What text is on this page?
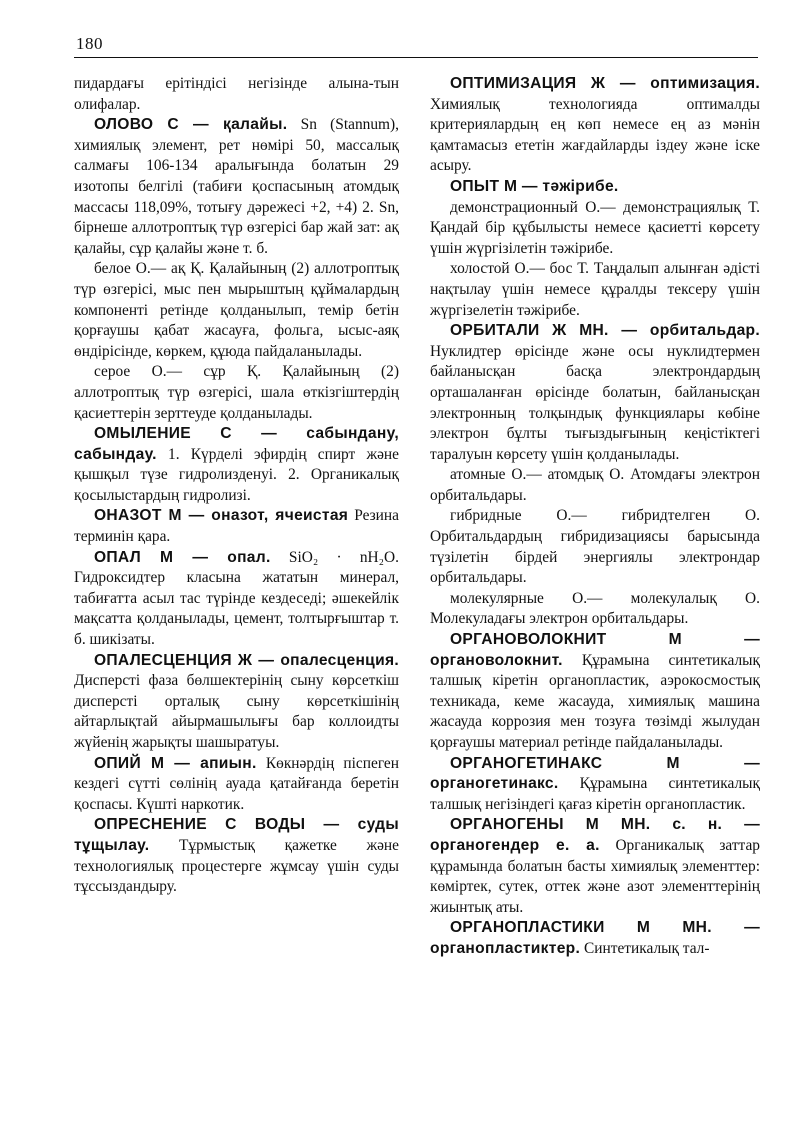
180

пидардағы ерітіндісі негізінде алына-тын олифалар.

ОЛОВО С — қалайы. Sn (Stannum), химиялық элемент, рет нөмірі 50, массалық салмағы 106-134 аралығында болатын 29 изотопы белгілі (табиғи қоспасының атомдық массасы 118,09%, тотығу дәрежесі +2, +4) 2. Sn, бірнеше аллотроптық түр өзгерісі бар жай зат: ақ қалайы, сұр қалайы және т. б.

белое О.— ақ Қ. Қалайының (2) аллотроптық түр өзгерісі, мыс пен мырыштың құймалардың компоненті ретінде қолданылып, темір бетін қорғаушы қабат жасауға, фольга, ысыс-аяқ өндірісінде, көркем, құюда пайдаланылады.

серое О.— сұр Қ. Қалайының (2) аллотроптық түр өзгерісі, шала өткізгіштердің қасиеттерін зерттеуде қолданылады.

ОМЫЛЕНИЕ С — сабындану, сабындау. 1. Күрделі эфирдің спирт және қышқыл түзе гидролизденуі. 2. Органикалық қосылыстардың гидролизі.

ОНАЗОТ М — оназот, ячеистая Резина терминін қара.

ОПАЛ М — опал. SiO₂ · nH₂O. Гидроксидтер класына жататын минерал, табиғатта асыл тас түрінде кездеседі; әшекейлік мақсатта қолданылады, цемент, толтырғыштар т. б. шикізаты.

ОПАЛЕСЦЕНЦИЯ Ж — опалесценция. Дисперсті фаза бөлшектерінің сыну көрсеткіш дисперсті орталық сыну көрсеткішінің айтарлықтай айырмашылығы бар коллоидты жүйенің жарықты шашыратуы.

ОПИЙ М — апиын. Көкнәрдің піспеген кездегі сүтті сөлінің ауада қатайғанда беретін қоспасы. Күшті наркотик.

ОПРЕСНЕНИЕ С ВОДЫ — суды тұщылау. Тұрмыстық қажетке және технологиялық процестерге жұмсау үшін суды тұссыздандыру.

ОПТИМИЗАЦИЯ Ж — оптимизация. Химиялық технологияда оптималды критериялардың ең көп немесе ең аз мәнін қамтамасыз ететін жағдайларды іздеу және іске асыру.

ОПЫТ М — тәжірибе.

демонстрационный О.— демонстрациялық Т. Қандай бір құбылысты немесе қасиетті көрсету үшін жүргізілетін тәжірибе.

холостой О.— бос Т. Таңдалып алынған әдісті нақтылау үшін немесе құралды тексеру үшін жүргізелетін тәжірибе.

ОРБИТАЛИ Ж МН. — орбитальдар. Нуклидтер өрісінде және осы нуклидтермен байланысқан басқа электрондардың орташаланған өрісінде болатын, байланысқан электронның толқындық функциялары көбіне электрон бұлты тығыздығының кеңістіктегі таралуын көрсету үшін қолданылады.

атомные О.— атомдық О. Атомдағы электрон орбитальдары.

гибридные О.— гибридтелген О. Орбитальдардың гибридизациясы барысында түзілетін бірдей энергиялы электрондар орбитальдары.

молекулярные О.— молекулалық О. Молекуладағы электрон орбитальдары.

ОРГАНОВОЛОКНИТ М — органоволокнит. Құрамына синтетикалық талшық кіретін органопластик, аэрокосмостық техникада, кеме жасауда, химиялық машина жасауда коррозия мен тозуға төзімді жылудан қорғаушы материал ретінде пайдаланылады.

ОРГАНОГЕТИНАКС М — органогетинакс. Құрамына синтетикалық талшық негізіндегі қағаз кіретін органопластик.

ОРГАНОГЕНЫ М МН. с. н. — органогендер е. а. Органикалық заттар құрамында болатын басты химиялық элементтер: көміртек, сутек, оттек және азот элементтерінің жиынтық аты.

ОРГАНОПЛАСТИКИ М МН. — органопластиктер. Синтетикалық тал-
